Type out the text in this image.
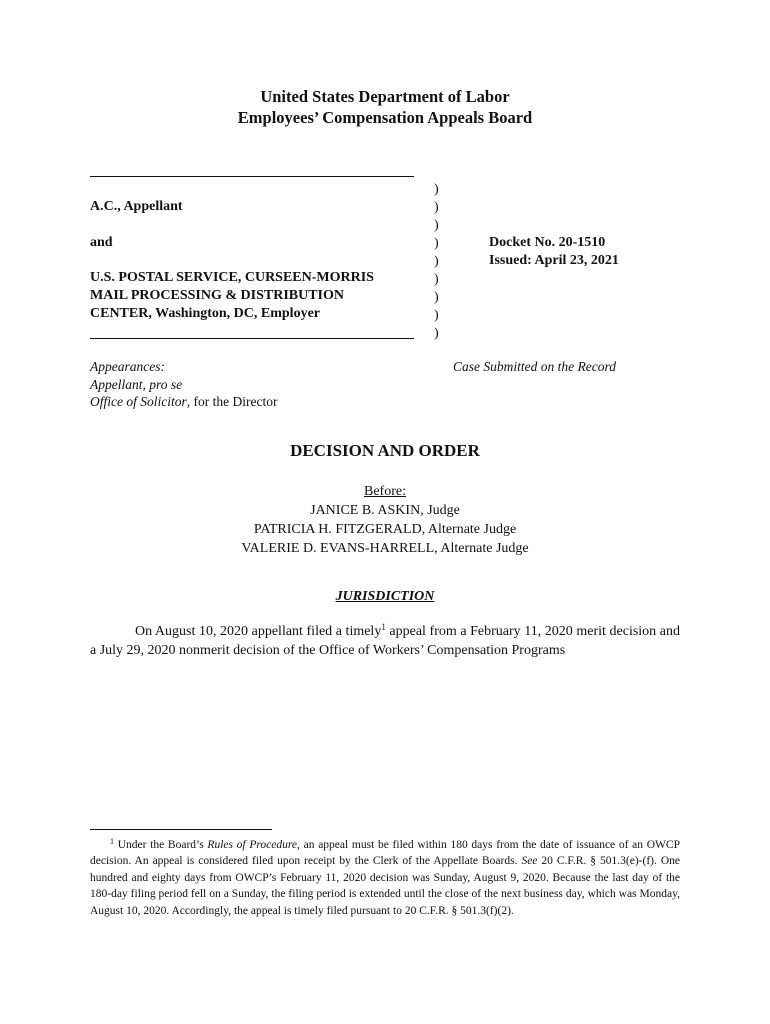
United States Department of Labor
Employees’ Compensation Appeals Board
A.C., Appellant
and
U.S. POSTAL SERVICE, CURSEEN-MORRIS
MAIL PROCESSING & DISTRIBUTION
CENTER, Washington, DC, Employer
)
)
)
)
)
)
)
)
)
Docket No. 20-1510
Issued: April 23, 2021
Appearances:
Appellant, pro se
Office of Solicitor, for the Director
Case Submitted on the Record
DECISION AND ORDER
Before:
JANICE B. ASKIN, Judge
PATRICIA H. FITZGERALD, Alternate Judge
VALERIE D. EVANS-HARRELL, Alternate Judge
JURISDICTION
On August 10, 2020 appellant filed a timely$^1$ appeal from a February 11, 2020 merit decision and a July 29, 2020 nonmerit decision of the Office of Workers’ Compensation Programs
$^1$ Under the Board’s Rules of Procedure, an appeal must be filed within 180 days from the date of issuance of an OWCP decision. An appeal is considered filed upon receipt by the Clerk of the Appellate Boards. See 20 C.F.R. § 501.3(e)-(f). One hundred and eighty days from OWCP’s February 11, 2020 decision was Sunday, August 9, 2020. Because the last day of the 180-day filing period fell on a Sunday, the filing period is extended until the close of the next business day, which was Monday, August 10, 2020. Accordingly, the appeal is timely filed pursuant to 20 C.F.R. § 501.3(f)(2).
